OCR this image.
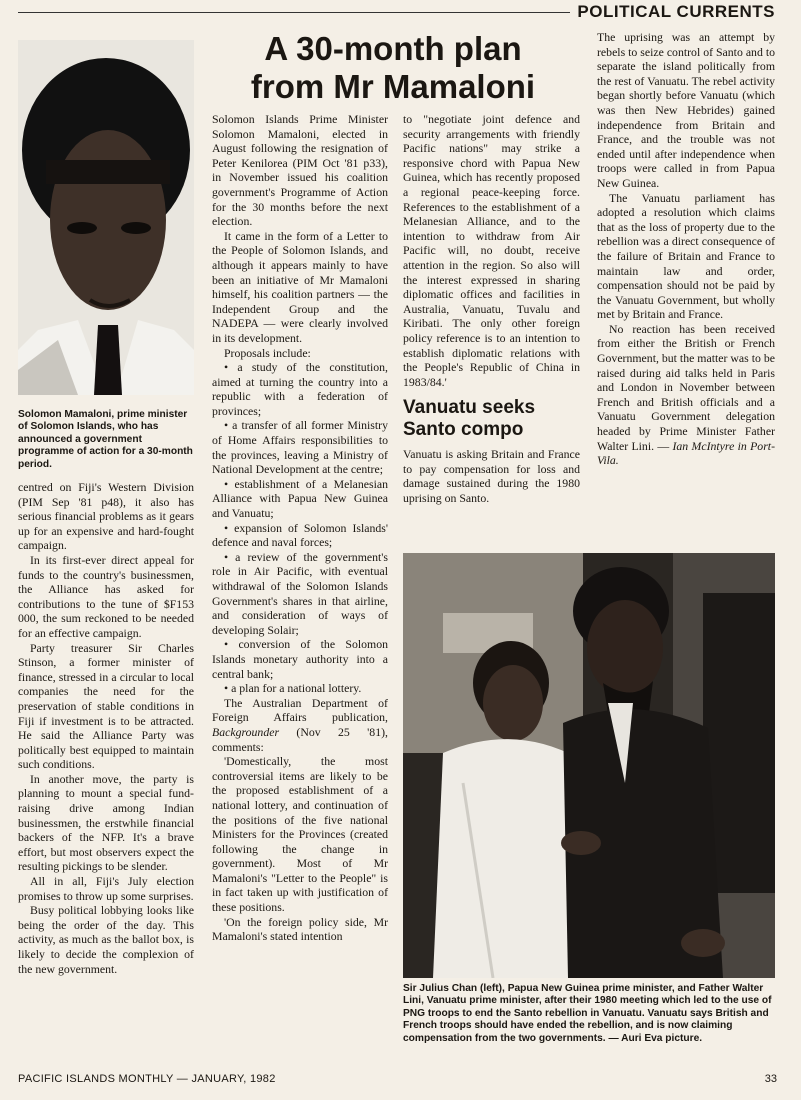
POLITICAL CURRENTS
A 30-month plan
from Mr Mamaloni
Solomon Mamaloni, prime minister of Solomon Islands, who has announced a government programme of action for a 30-month period.

centred on Fiji's Western Division (PIM Sep '81 p48), it also has serious financial problems as it gears up for an expensive and hard-fought campaign.

In its first-ever direct appeal for funds to the country's businessmen, the Alliance has asked for contributions to the tune of $F153 000, the sum reckoned to be needed for an effective campaign.

Party treasurer Sir Charles Stinson, a former minister of finance, stressed in a circular to local companies the need for the preservation of stable conditions in Fiji if investment is to be attracted. He said the Alliance Party was politically best equipped to maintain such conditions.

In another move, the party is planning to mount a special fund-raising drive among Indian businessmen, the erstwhile financial backers of the NFP. It's a brave effort, but most observers expect the resulting pickings to be slender.

All in all, Fiji's July election promises to throw up some surprises.

Busy political lobbying looks like being the order of the day. This activity, as much as the ballot box, is likely to decide the complexion of the new government.

Solomon Islands Prime Minister Solomon Mamaloni, elected in August following the resignation of Peter Kenilorea (PIM Oct '81 p33), in November issued his coalition government's Programme of Action for the 30 months before the next election.

It came in the form of a Letter to the People of Solomon Islands, and although it appears mainly to have been an initiative of Mr Mamaloni himself, his coalition partners — the Independent Group and the NADEPA — were clearly involved in its development.

Proposals include:

• a study of the constitution, aimed at turning the country into a republic with a federation of provinces;

• a transfer of all former Ministry of Home Affairs responsibilities to the provinces, leaving a Ministry of National Development at the centre;

• establishment of a Melanesian Alliance with Papua New Guinea and Vanuatu;

• expansion of Solomon Islands' defence and naval forces;

• a review of the government's role in Air Pacific, with eventual withdrawal of the Solomon Islands Government's shares in that airline, and consideration of ways of developing Solair;

• conversion of the Solomon Islands monetary authority into a central bank;

• a plan for a national lottery.

The Australian Department of Foreign Affairs publication, Backgrounder (Nov 25 '81), comments:

'Domestically, the most controversial items are likely to be the proposed establishment of a national lottery, and continuation of the positions of the five national Ministers for the Provinces (created following the change in government). Most of Mr Mamaloni's "Letter to the People" is in fact taken up with justification of these positions.

'On the foreign policy side, Mr Mamaloni's stated intention

to "negotiate joint defence and security arrangements with friendly Pacific nations" may strike a responsive chord with Papua New Guinea, which has recently proposed a regional peace-keeping force. References to the establishment of a Melanesian Alliance, and to the intention to withdraw from Air Pacific will, no doubt, receive attention in the region. So also will the interest expressed in sharing diplomatic offices and facilities in Australia, Vanuatu, Tuvalu and Kiribati. The only other foreign policy reference is to an intention to establish diplomatic relations with the People's Republic of China in 1983/84.'

Vanuatu seeks Santo compo

Vanuatu is asking Britain and France to pay compensation for loss and damage sustained during the 1980 uprising on Santo.

The uprising was an attempt by rebels to seize control of Santo and to separate the island politically from the rest of Vanuatu. The rebel activity began shortly before Vanuatu (which was then New Hebrides) gained independence from Britain and France, and the trouble was not ended until after independence when troops were called in from Papua New Guinea.

The Vanuatu parliament has adopted a resolution which claims that as the loss of property due to the rebellion was a direct consequence of the failure of Britain and France to maintain law and order, compensation should not be paid by the Vanuatu Government, but wholly met by Britain and France.

No reaction has been received from either the British or French Government, but the matter was to be raised during aid talks held in Paris and London in November between French and British officials and a Vanuatu Government delegation headed by Prime Minister Father Walter Lini. — Ian McIntyre in Port-Vila.

Sir Julius Chan (left), Papua New Guinea prime minister, and Father Walter Lini, Vanuatu prime minister, after their 1980 meeting which led to the use of PNG troops to end the Santo rebellion in Vanuatu. Vanuatu says British and French troops should have ended the rebellion, and is now claiming compensation from the two governments. — Auri Eva picture.
PACIFIC ISLANDS MONTHLY — JANUARY, 1982	33
